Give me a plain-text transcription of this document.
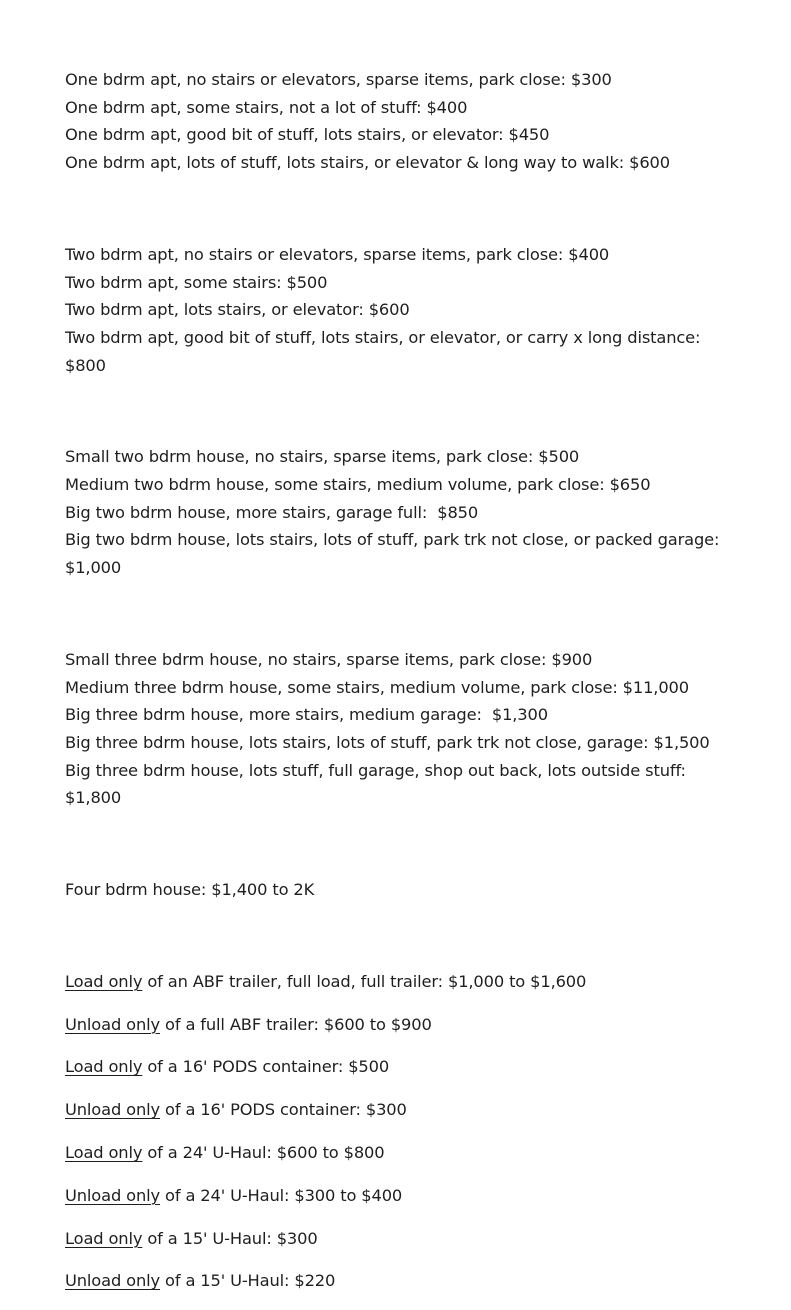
One bdrm apt, no stairs or elevators, sparse items, park close: $300
One bdrm apt, some stairs, not a lot of stuff: $400
One bdrm apt, good bit of stuff, lots stairs, or elevator: $450
One bdrm apt, lots of stuff, lots stairs, or elevator & long way to walk: $600
Two bdrm apt, no stairs or elevators, sparse items, park close: $400
Two bdrm apt, some stairs: $500
Two bdrm apt, lots stairs, or elevator: $600
Two bdrm apt, good bit of stuff, lots stairs, or elevator, or carry x long distance: $800
Small two bdrm house, no stairs, sparse items, park close: $500
Medium two bdrm house, some stairs, medium volume, park close: $650
Big two bdrm house, more stairs, garage full:  $850
Big two bdrm house, lots stairs, lots of stuff, park trk not close, or packed garage: $1,000
Small three bdrm house, no stairs, sparse items, park close: $900
Medium three bdrm house, some stairs, medium volume, park close: $11,000
Big three bdrm house, more stairs, medium garage:  $1,300
Big three bdrm house, lots stairs, lots of stuff, park trk not close, garage: $1,500
Big three bdrm house, lots stuff, full garage, shop out back, lots outside stuff: $1,800
Four bdrm house: $1,400 to 2K
Load only of an ABF trailer, full load, full trailer: $1,000 to $1,600
Unload only of a full ABF trailer: $600 to $900
Load only of a 16' PODS container: $500
Unload only of a 16' PODS container: $300
Load only of a 24' U-Haul: $600 to $800
Unload only of a 24' U-Haul: $300 to $400
Load only of a 15' U-Haul: $300
Unload only of a 15' U-Haul: $220
